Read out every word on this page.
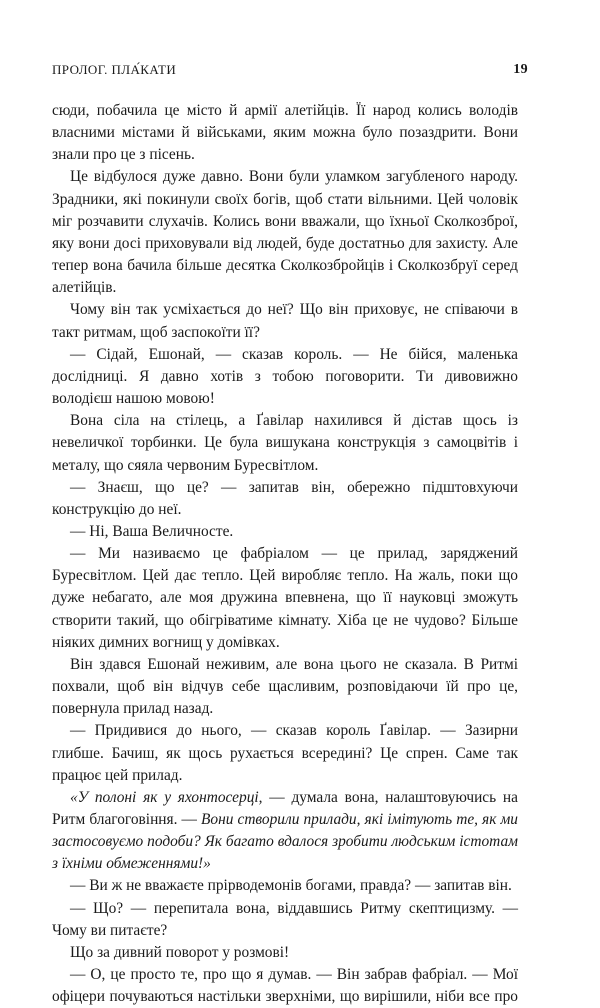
ПРОЛОГ. ПЛА́КАТИ	19

сюди, побачила це місто й армії алетійців. Її народ колись володів власними містами й військами, яким можна було позаздрити. Вони знали про це з пісень.

Це відбулося дуже давно. Вони були уламком загубленого народу. Зрадники, які покинули своїх богів, щоб стати вільними. Цей чоловік міг розчавити слухачів. Колись вони вважали, що їхньої Сколкозброї, яку вони досі приховували від людей, буде достатньо для захисту. Але тепер вона бачила більше десятка Сколкозбройців і Сколкозбруї серед алетійців.

Чому він так усміхається до неї? Що він приховує, не співаючи в такт ритмам, щоб заспокоїти її?

— Сідай, Ешонай, — сказав король. — Не бійся, маленька дослідниці. Я давно хотів з тобою поговорити. Ти дивовижно володієш нашою мовою!

Вона сіла на стілець, а Ґавілар нахилився й дістав щось із невеличкої торбинки. Це була вишукана конструкція з самоцвітів і металу, що сяяла червоним Буресвітлом.

— Знаєш, що це? — запитав він, обережно підштовхуючи конструкцію до неї.

— Ні, Ваша Величносте.

— Ми називаємо це фабріалом — це прилад, заряджений Буресвітлом. Цей дає тепло. Цей виробляє тепло. На жаль, поки що дуже небагато, але моя дружина впевнена, що її науковці зможуть створити такий, що обігріватиме кімнату. Хіба це не чудово? Більше ніяких димних вогнищ у домівках.

Він здався Ешонай неживим, але вона цього не сказала. В Ритмі похвали, щоб він відчув себе щасливим, розповідаючи їй про це, повернула прилад назад.

— Придивися до нього, — сказав король Ґавілар. — Зазирни глибше. Бачиш, як щось рухається всередині? Це спрен. Саме так працює цей прилад.

«У полоні як у яхонтосерці, — думала вона, налаштовуючись на Ритм благоговіння. — Вони створили прилади, які імітують те, як ми застосовуємо подоби? Як багато вдалося зробити людським істотам з їхніми обмеженнями!»

— Ви ж не вважаєте прірводемонів богами, правда? — запитав він.

— Що? — перепитала вона, віддавшись Ритму скептицизму. — Чому ви питаєте?

Що за дивний поворот у розмові!

— О, це просто те, про що я думав. — Він забрав фабріал. — Мої офіцери почуваються настільки зверхніми, що вирішили, ніби все про
